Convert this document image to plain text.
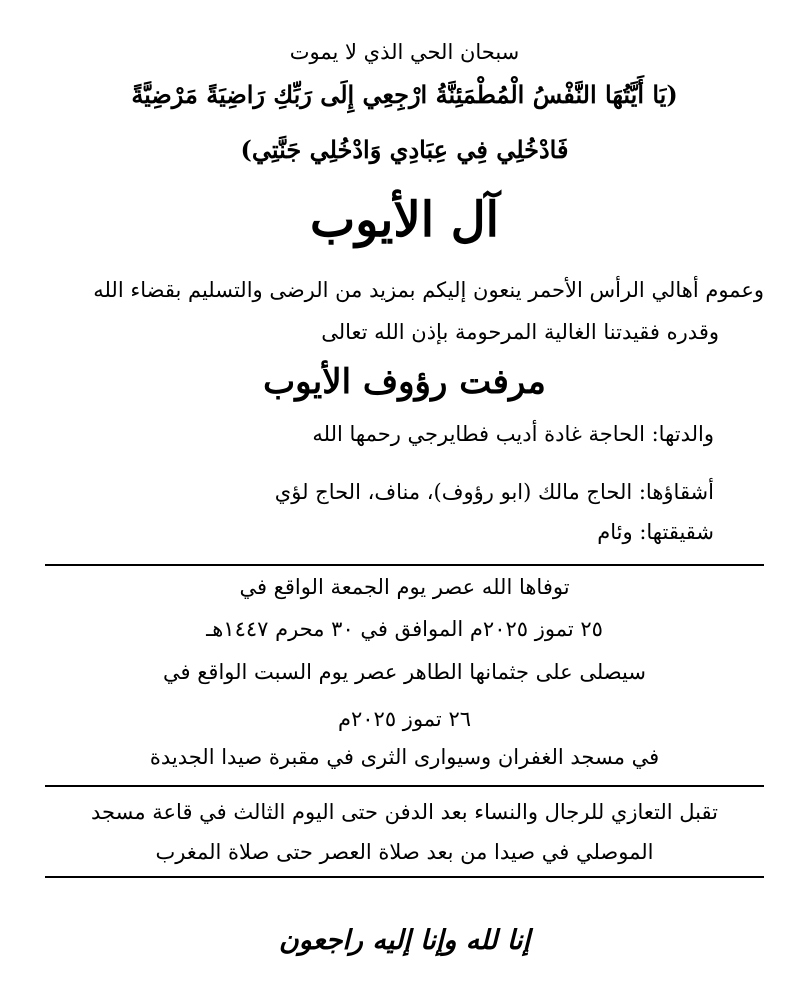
سبحان الحي الذي لا يموت
(يَا أَيَّتُهَا النَّفْسُ الْمُطْمَئِنَّةُ ارْجِعِي إِلَى رَبِّكِ رَاضِيَةً مَرْضِيَّةً
فَادْخُلِي فِي عِبَادِي وَادْخُلِي جَنَّتِي)
آل الأيوب
وعموم أهالي الرأس الأحمر ينعون إليكم بمزيد من الرضى والتسليم بقضاء الله
وقدره فقيدتنا الغالية المرحومة بإذن الله تعالى
مرفت رؤوف الأيوب
والدتها: الحاجة غادة أديب فطايرجي رحمها الله
أشقاؤها: الحاج مالك (ابو رؤوف)، مناف، الحاج لؤي
شقيقتها: وئام
توفاها الله عصر يوم الجمعة الواقع في
٢٥ تموز ٢٠٢٥م الموافق في ٣٠ محرم ١٤٤٧هـ
سيصلى على جثمانها الطاهر عصر يوم السبت الواقع في
٢٦ تموز ٢٠٢٥م
في مسجد الغفران وسيوارى الثرى في مقبرة صيدا الجديدة
تقبل التعازي للرجال والنساء بعد الدفن حتى اليوم الثالث في قاعة مسجد
الموصلي في صيدا من بعد صلاة العصر حتى صلاة المغرب
إنا لله وإنا إليه راجعون
